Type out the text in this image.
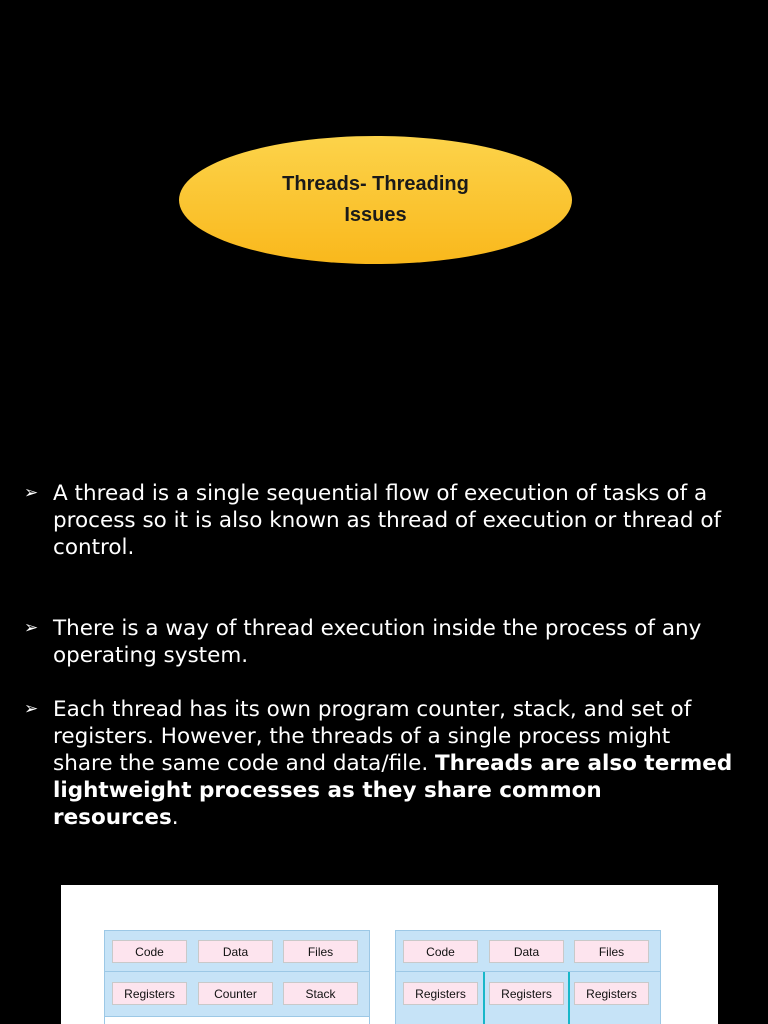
Threads- Threading
Issues
➢ A thread is a single sequential flow of execution of tasks of a process so it is also known as thread of execution or thread of control.
➢ There is a way of thread execution inside the process of any operating system.
➢ Each thread has its own program counter, stack, and set of registers. However, the threads of a single process might share the same code and data/file. Threads are also termed lightweight processes as they share common resources.
Code	Data	Files
Registers	Counter	Stack
Code	Data	Files
Registers	Registers	Registers
